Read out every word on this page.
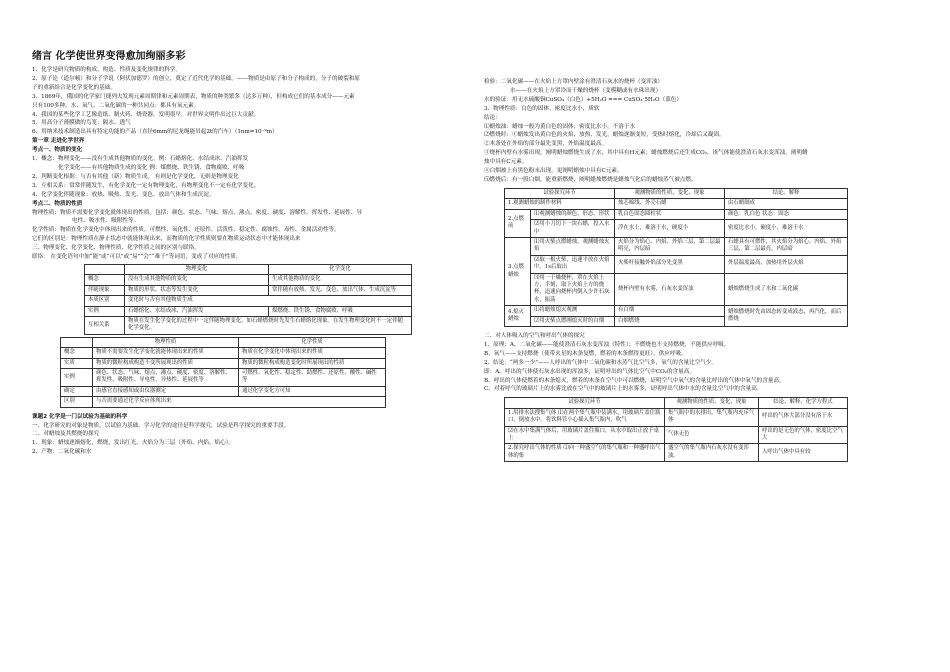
绪言 化学使世界变得愈加绚丽多彩
1、化学是研究物质的构成、构造、性质及变化规律的科学。
2、原子论（道尔顿）和分子学说（阿伏加德罗）的创立，奠定了近代化学的基础。——物质是由原子和分子构成的，分子的破裂和原
子的重新组合是化学变化的基础。
3、1869年，俄国的化学家门捷列夫发现元素周期律和元素周期表，物质的种类繁多（达多万种），但构成它们的基本成分——元素
只有100多种。水、氧气、二氧化碳的一种共同点：都具有氧元素。
4、我国的某些化学工艺像造纸、制火药、烧瓷器，发明很早，对世界文明作出过巨大贡献。
5、用高分子薄膜做的鸟笼：隔水、透气
6、用纳米技术制造出具有特定功能的产品（直径6mm的尼龙绳能吊起2t的汽车）（1nm=10⁻⁹m）
第一章 走进化学世界
考点一、物质的变化
1、概念：物理变化——没有生成其他物质的变化。例：石蜡熔化、水结成冰、汽油挥发
化学变化——有其他物质生成的变化 例：煤燃烧、铁生锈、食物腐败、呼吸
2、判断变化根据：与否有其他（新）物质生成。 有则是化学变化，无则是物理变化
3、互相关系：常常伴随发生，有化学变化一定有物理变化，有物理变化不一定有化学变化。
4、化学变化伴随现象：放热、吸热、发光、变色、放出气体和生成沉淀。
考点二、物质的性质
物理性质：物质不需要化学变化就体现出的性质。包括：颜色、状态、气味、熔点、沸点、密度、硬度、溶解性、挥发性、延展性、导
电性、吸水性、吸附性等。
化学性质：物质在化学变化中体现出来的性质。可燃性、氧化性、还原性、活泼性、稳定性、腐蚀性、毒性、金属活动性等。
它们的区别是：物理性质在静止状态中就能体现出来，而物质的化学性质则要在物质运动状态中才能体现出来
三、物理变化、化学变化、物理性质、化学性质之间的区别与联络。
联络： 在变化语句中加“能”或“可以”或“易”“会”“难于”等词语，变成了对应的性质。
	物理变化	化学变化
概念	没有生成其他物质的变化	生成其他物质的变化
伴随现象	物质的形状、状态等发生变化	常伴随有放热、发光、变色、放出气体、生成沉淀等
本质区别	变化时与否有其他物质生成	
实例	石蜡熔化、水结成冰、汽油挥发	煤燃烧、铁生锈、食物腐败、呼吸
互相关系	物质在发生化学变化的过程中一定伴随物理变化，如石蜡燃烧时先发生石蜡熔化现象。在发生物理变化时不一定伴随化学变化。	
	物理性质	化学性质
概念	物质不需要发生化学变化就能体现出来的性质	物质在化学变化中体现出来的性质
实质	物质的微粒构成构造不变所展现出的性质	物质的微粒构成构造变化时所展现出的性质
实例	颜色、状态、气味、熔点、沸点、硬度、密度、溶解性、挥发性、吸附性、导电性、导热性、延展性等	可燃性、氧化性、稳定性、助燃性、还原性、酸性、碱性等
确定	由感官直接感知或由仪器测定	通过化学变化方可知
区别	与否需要通过化学反应体现出来	
课题2 化学是一门以试验为基础的科学
一、化学研究的对象是物质，以试验为基础。学习化学的途径是科学探究，试验是科学探究的重要手段。
二、对蜡烛及其燃烧的探究
1、现象：蜡烛逐渐熔化，燃烧，发出红光，火焰分为三层（外焰、内焰、焰心）。
2、产物：二氧化碳和水
检验：二氧化碳——在火焰上方罩内壁涂有澄清石灰水的烧杯（变浑浊）
水——在火焰上方罩冷而干燥的烧杯（变模糊或有水珠出现）
水的验证：用无水硫酸铜CuSO₄（白色）+5H₂O === CuSO₄·5H₂O（蓝色）
3、物理性质：白色的固体，密度比水小，质软
结论：
⑴蜡烛油：蜡烛一般为黄白色的固体；密度比水小，不溶于水
⑵燃烧时：①蜡烛发出黄白色的火焰，放热、发光，蜡烛逐渐变短，受热时熔化，冷却后又凝固。
②木条处在外焰的部分最先变黑，外焰温度最高。
③烧杯内壁有水雾出现，阐明蜡烛燃烧生成了水，其中具有H元素；蜡烛燃烧后还生成CO₂，该气体能使澄清石灰水变浑浊，阐明蜡
烛中具有C元素。
④白烟被上有黑色粉末出现，更阐明蜡烛中具有C元素。
⑸燃烧后：有一股白烟，能重新燃烧，阐明蜡烛燃烧是蜡烛气化后的蜡烛蒸气被点燃。
试验探究环节		观测物质的性质、变化、现象	结论、解释
1.观测蜡烛的制作材料		烛芯棉线、外壳石蜡	由石蜡制成
2.点燃前	⑴观测蜡烛的颜色、形态、形状	乳白色固态圆柱状	颜色：乳白色 状态：固态
	⑵用小刀切下一块石蜡，投入水中	浮在水上，难溶于水，硬度小	密度比水小，硬度小，难溶于水
3.点燃蜡烛	⑴用火柴点燃蜡烛，观测蜡烛火焰	火焰分为焰心、内焰、外焰三层，第二层最明亮，内层暗	石蜡具有可燃性，其火焰分为焰心、内焰、外焰三层，第二层最亮，内层暗
	⑵取一根火柴，迅速平放在火焰中，1s后取出	火柴杆接触外焰部分先变黑	外层温度最高，加热用外层火焰
	⑶用一干燥烧杯，罩在火焰上方，半刻，取下火焰上方的烧杯，迅速向烧杯内倒入少许石灰水，振荡	烧杯内壁有水雾，石灰水变浑浊	蜡烛燃烧生成了水和二氧化碳
4.熄灭蜡烛	⑴将蜡烛熄灭观测	有白烟	蜡烛燃烧时先由固态转变成液态，再汽化，而后燃烧
	⑵用火柴点燃刚熄灭时的白烟	白烟燃烧	
二、对人体吸入的空气和呼出气体的探究
1、原理：A、二氧化碳——能使澄清石灰水变浑浊（特性）；不燃烧也不支持燃烧，不能供应呼吸。
B、氧气——支持燃烧（使带火星的木条复燃，燃着的木条燃得更旺），供应呼吸。
2、结论：“两多一少”——人呼出的气体中二氧化碳和水蒸气比空气多，氧气的含量比空气少。
即：A、呼出的气体使石灰水出现的浑浊多，证明呼出的气体比空气中CO₂的含量高。
B、呼出的气体使燃着的木条熄灭，燃着的木条在空气中可以燃烧，证明空气中氧气的含量比呼出的气体中氧气的含量高。
C、对着呼气的玻璃片上的水雾比放在空气中的玻璃片上的水雾多，证明呼出气体中水的含量比空气中的含量高。
试验探究环节	观测物质的性质、变化、现象	结论、解释、化学方程式
1.用排水法搜集气体 ⑴在两个集气瓶中装满水，用玻璃片盖住瓶口，倒放水中。将饮料管小心插入集气瓶内，吹气	集气瓶中的水排出，集气瓶内充斥气体	呼出的气体大部分没有溶于水
⑵在水中集满气体后，用玻璃片盖住瓶口，从水中取出正放于桌上	气体无色	呼出的是无色的气体，密度比空气大
2.探究呼出气体的性质 ⑴向一种盛空气的集气瓶和一种盛呼出气体的集	盛空气的集气瓶内石灰水没有变浑浊。	人呼出气体中具有较
